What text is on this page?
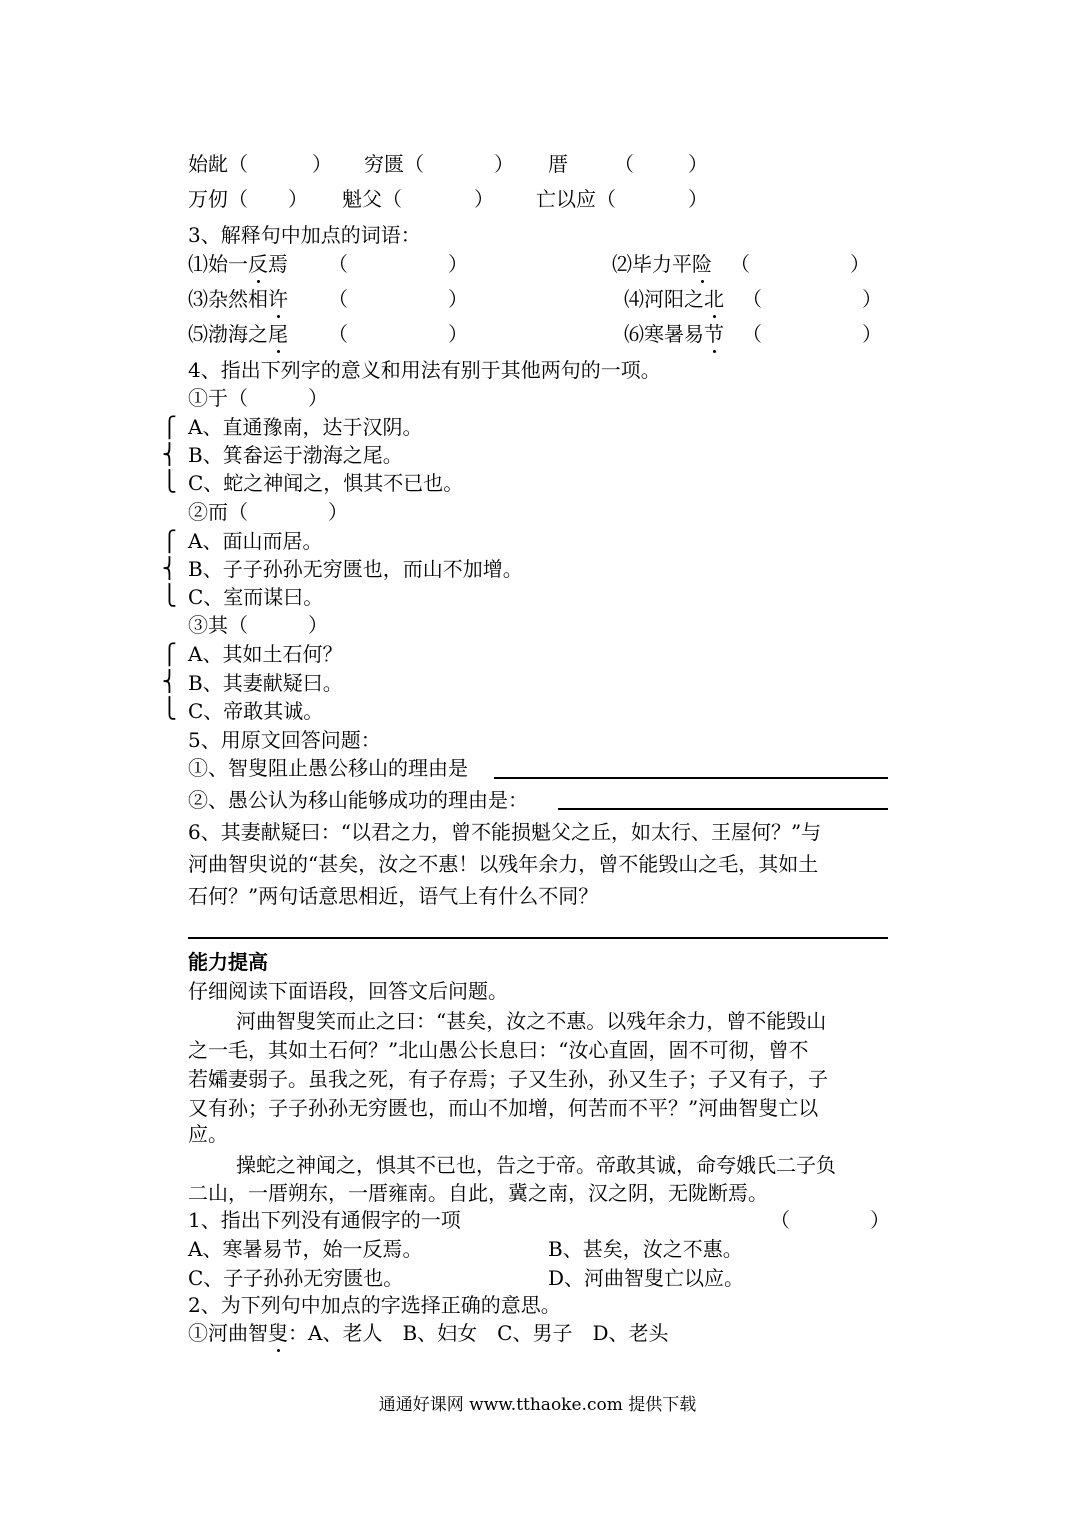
始龀（	） 穷匮（	） 厝 （	）
万仞（ ） 魁父（	） 亡以应（	）
3、解释句中加点的词语：
⑴始一反焉 （　　　　　）	⑵毕力平险 （　　　　　）
⑶杂然相许 （　　　　　）	⑷河阳之北 （　　　　　）
⑸渤海之尾 （　　　　　）	⑹寒暑易节 （　　　　　）
4、指出下列字的意义和用法有别于其他两句的一项。
①于（　　　）
⎧
⎨
⎩
A、直通豫南，达于汉阴。
B、箕畚运于渤海之尾。
C、蛇之神闻之，惧其不已也。
②而（　　　　）
⎧
⎨
⎩
A、面山而居。
B、子子孙孙无穷匮也，而山不加增。
C、室而谋曰。
③其（　　　）
⎧
⎨
⎩
A、其如土石何？
B、其妻献疑曰。
C、帝敢其诚。
5、用原文回答问题：
①、智叟阻止愚公移山的理由是
②、愚公认为移山能够成功的理由是：
6、其妻献疑曰：“以君之力，曾不能损魁父之丘，如太行、王屋何？”与
河曲智臾说的“甚矣，汝之不惠！以残年余力，曾不能毁山之毛，其如土
石何？”两句话意思相近，语气上有什么不同？
能力提高
仔细阅读下面语段，回答文后问题。
河曲智叟笑而止之曰：“甚矣，汝之不惠。以残年余力，曾不能毁山
之一毛，其如土石何？”北山愚公长息曰：“汝心直固，固不可彻，曾不
若孀妻弱子。虽我之死，有子存焉；子又生孙，孙又生子；子又有子，子
又有孙；子子孙孙无穷匮也，而山不加增，何苦而不平？”河曲智叟亡以
应。
操蛇之神闻之，惧其不已也，告之于帝。帝敢其诚，命夸娥氏二子负
二山，一厝朔东，一厝雍南。自此，冀之南，汉之阴，无陇断焉。
1、指出下列没有通假字的一项	（　　　　）
A、寒暑易节，始一反焉。	B、甚矣，汝之不惠。
C、子子孙孙无穷匮也。	D、河曲智叟亡以应。
2、为下列句中加点的字选择正确的意思。
①河曲智叟：A、老人　B、妇女　C、男子　D、老头
通通好课网 www.tthaoke.com 提供下载
